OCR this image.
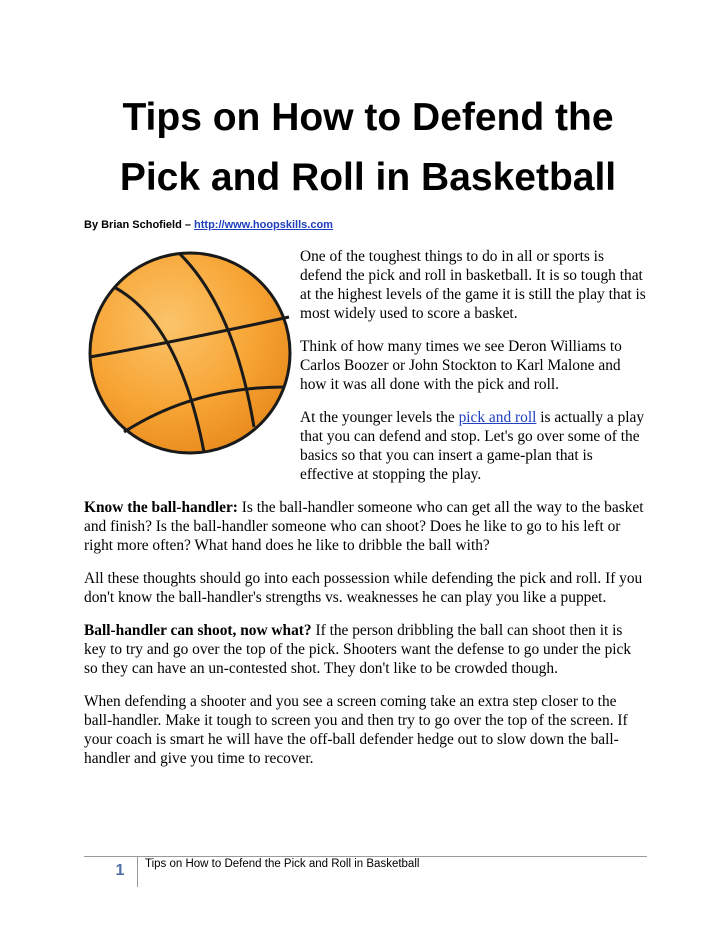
Tips on How to Defend the Pick and Roll in Basketball
By Brian Schofield – http://www.hoopskills.com

One of the toughest things to do in all or sports is defend the pick and roll in basketball. It is so tough that at the highest levels of the game it is still the play that is most widely used to score a basket.

Think of how many times we see Deron Williams to Carlos Boozer or John Stockton to Karl Malone and how it was all done with the pick and roll.

At the younger levels the pick and roll is actually a play that you can defend and stop. Let's go over some of the basics so that you can insert a game-plan that is effective at stopping the play.

Know the ball-handler: Is the ball-handler someone who can get all the way to the basket and finish? Is the ball-handler someone who can shoot? Does he like to go to his left or right more often? What hand does he like to dribble the ball with?

All these thoughts should go into each possession while defending the pick and roll. If you don't know the ball-handler's strengths vs. weaknesses he can play you like a puppet.

Ball-handler can shoot, now what? If the person dribbling the ball can shoot then it is key to try and go over the top of the pick. Shooters want the defense to go under the pick so they can have an un-contested shot. They don't like to be crowded though.

When defending a shooter and you see a screen coming take an extra step closer to the ball-handler. Make it tough to screen you and then try to go over the top of the screen. If your coach is smart he will have the off-ball defender hedge out to slow down the ball-handler and give you time to recover.

1	Tips on How to Defend the Pick and Roll in Basketball
